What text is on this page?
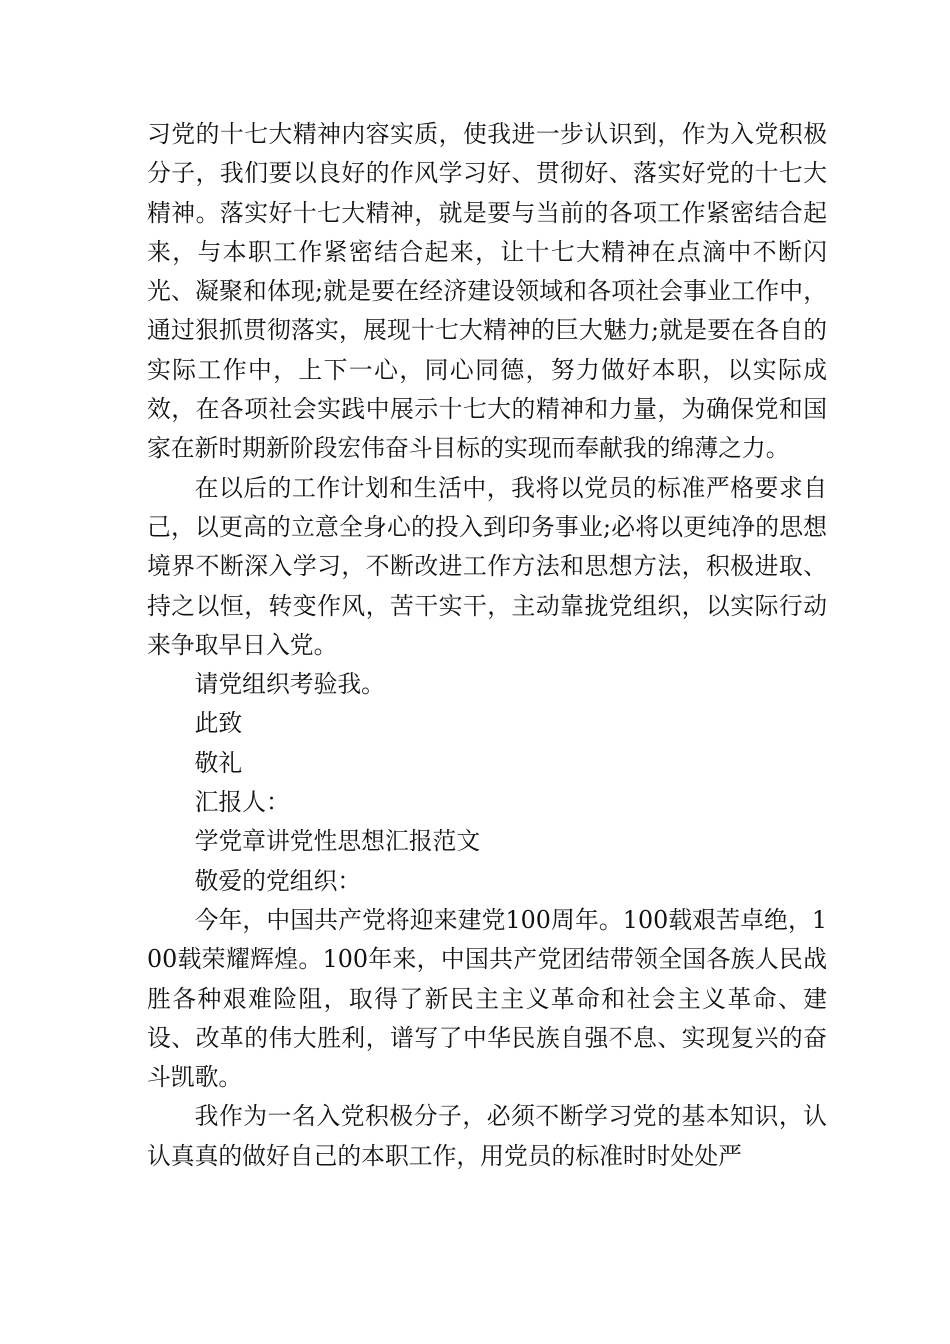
习党的十七大精神内容实质，使我进一步认识到，作为入党积极分子，我们要以良好的作风学习好、贯彻好、落实好党的十七大精神。落实好十七大精神，就是要与当前的各项工作紧密结合起来，与本职工作紧密结合起来，让十七大精神在点滴中不断闪光、凝聚和体现;就是要在经济建设领域和各项社会事业工作中，通过狠抓贯彻落实，展现十七大精神的巨大魅力;就是要在各自的实际工作中，上下一心，同心同德，努力做好本职，以实际成效，在各项社会实践中展示十七大的精神和力量，为确保党和国家在新时期新阶段宏伟奋斗目标的实现而奉献我的绵薄之力。

在以后的工作计划和生活中，我将以党员的标准严格要求自己，以更高的立意全身心的投入到印务事业;必将以更纯净的思想境界不断深入学习，不断改进工作方法和思想方法，积极进取、持之以恒，转变作风，苦干实干，主动靠拢党组织，以实际行动来争取早日入党。

请党组织考验我。

此致

敬礼

汇报人：

学党章讲党性思想汇报范文

敬爱的党组织：

今年，中国共产党将迎来建党100周年。100载艰苦卓绝，100载荣耀辉煌。100年来，中国共产党团结带领全国各族人民战胜各种艰难险阻，取得了新民主主义革命和社会主义革命、建设、改革的伟大胜利，谱写了中华民族自强不息、实现复兴的奋斗凯歌。

我作为一名入党积极分子，必须不断学习党的基本知识，认认真真的做好自己的本职工作，用党员的标准时时处处严
